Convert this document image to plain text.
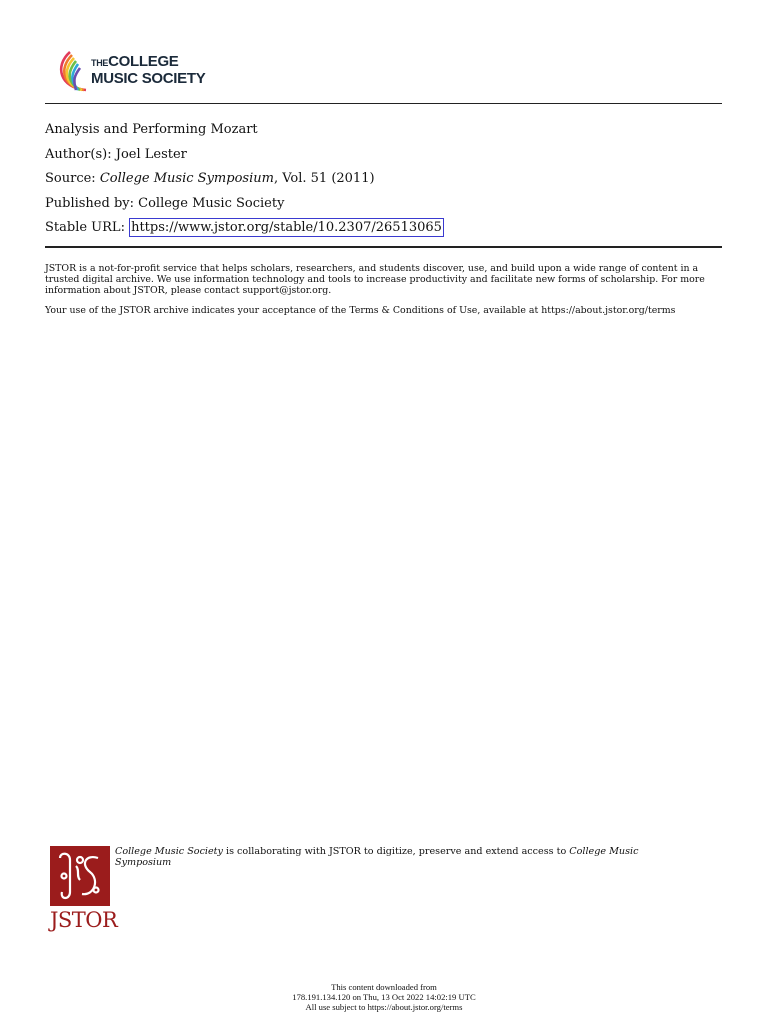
THECOLLEGE
MUSIC SOCIETY
Analysis and Performing Mozart
Author(s): Joel Lester
Source: College Music Symposium, Vol. 51 (2011)
Published by: College Music Society
Stable URL: https://www.jstor.org/stable/10.2307/26513065

JSTOR is a not-for-profit service that helps scholars, researchers, and students discover, use, and build upon a wide range of content in a trusted digital archive. We use information technology and tools to increase productivity and facilitate new forms of scholarship. For more information about JSTOR, please contact support@jstor.org.

Your use of the JSTOR archive indicates your acceptance of the Terms & Conditions of Use, available at https://about.jstor.org/terms

JSTOR
College Music Society is collaborating with JSTOR to digitize, preserve and extend access to College Music Symposium
This content downloaded from
178.191.134.120 on Thu, 13 Oct 2022 14:02:19 UTC
All use subject to https://about.jstor.org/terms
